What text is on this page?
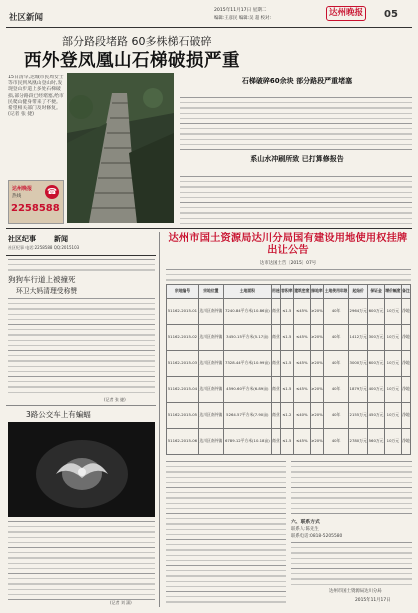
社区新闻
2015年11月17日 星期二
编辑:王彦民 编辑:吴 超 校对:
达州晚报	05
部分路段堵路 60多株梯石破碎
西外登凤凰山石梯破损严重
15日清早,达城市民周女士等市民到凤凰山登山时,发现登山步道上多处石梯破损,部分路段已经堵塞,给市民爬山健身带来了不便。希望相关部门及时修复。 (记者 张 捷)
达州晚报
热线
☎
2258588
石梯破碎60余块 部分路段严重堵塞
系山水冲刷所致 已打算修报告
社区纪事	新闻
社区纪事 电话:2258588 QQ:2015103
狗狗车行道上被撞死
环卫大妈清理受称赞
(记者 张 捷)
3路公交车上有蝙蝠
(记者 刘 潇)
达州市国土资源局达川分局国有建设用地使用权挂牌出让公告
达市达国土告〔2015〕07号
宗地编号	宗地位置	土地面积	用途	容积率	建筑密度	绿地率	土地使用年限	起始价	保证金	增价幅度	备注
51162-2015-01	达川区南外镇	7240.84平方米(10.86亩)	商业	≤1.5	≤45%	≥20%	40年	2964万元	600万元	10万元	净地
51162-2015-02	达川区南外镇	3450.15平方米(5.17亩)	商业	≤1.5	≤45%	≥20%	40年	1412万元	300万元	10万元	净地
51162-2015-03	达川区南外镇	7328.44平方米(10.99亩)	商业	≤1.5	≤45%	≥20%	40年	3000万元	600万元	10万元	净地
51162-2015-04	达川区南外镇	4590.60平方米(6.89亩)	商业	≤1.5	≤45%	≥20%	40年	1879万元	400万元	10万元	净地
51162-2015-05	达川区南外镇	5264.57平方米(7.90亩)	商业	≤1.2	≤40%	≥20%	40年	2155万元	450万元	10万元	净地
51162-2015-06	达川区南外镇	6789.12平方米(10.18亩)	商业	≤1.5	≤45%	≥20%	40年	2780万元	560万元	10万元	净地
六、联系方式
联系人:陈先生
联系电话:0818-5205580
达州市国土资源局达川分局
2015年11月17日
